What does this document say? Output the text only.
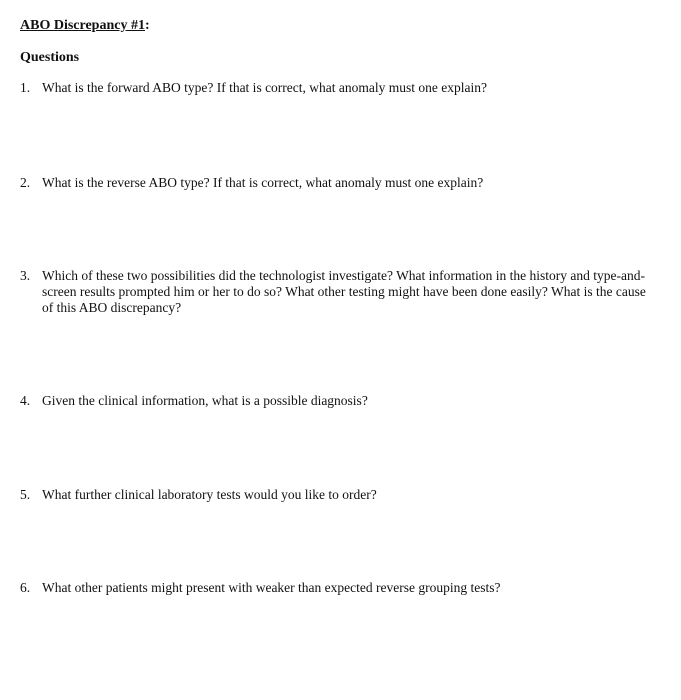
ABO Discrepancy #1:
Questions
1. What is the forward ABO type? If that is correct, what anomaly must one explain?
2. What is the reverse ABO type? If that is correct, what anomaly must one explain?
3. Which of these two possibilities did the technologist investigate? What information in the history and type-and-screen results prompted him or her to do so? What other testing might have been done easily? What is the cause of this ABO discrepancy?
4. Given the clinical information, what is a possible diagnosis?
5. What further clinical laboratory tests would you like to order?
6. What other patients might present with weaker than expected reverse grouping tests?
